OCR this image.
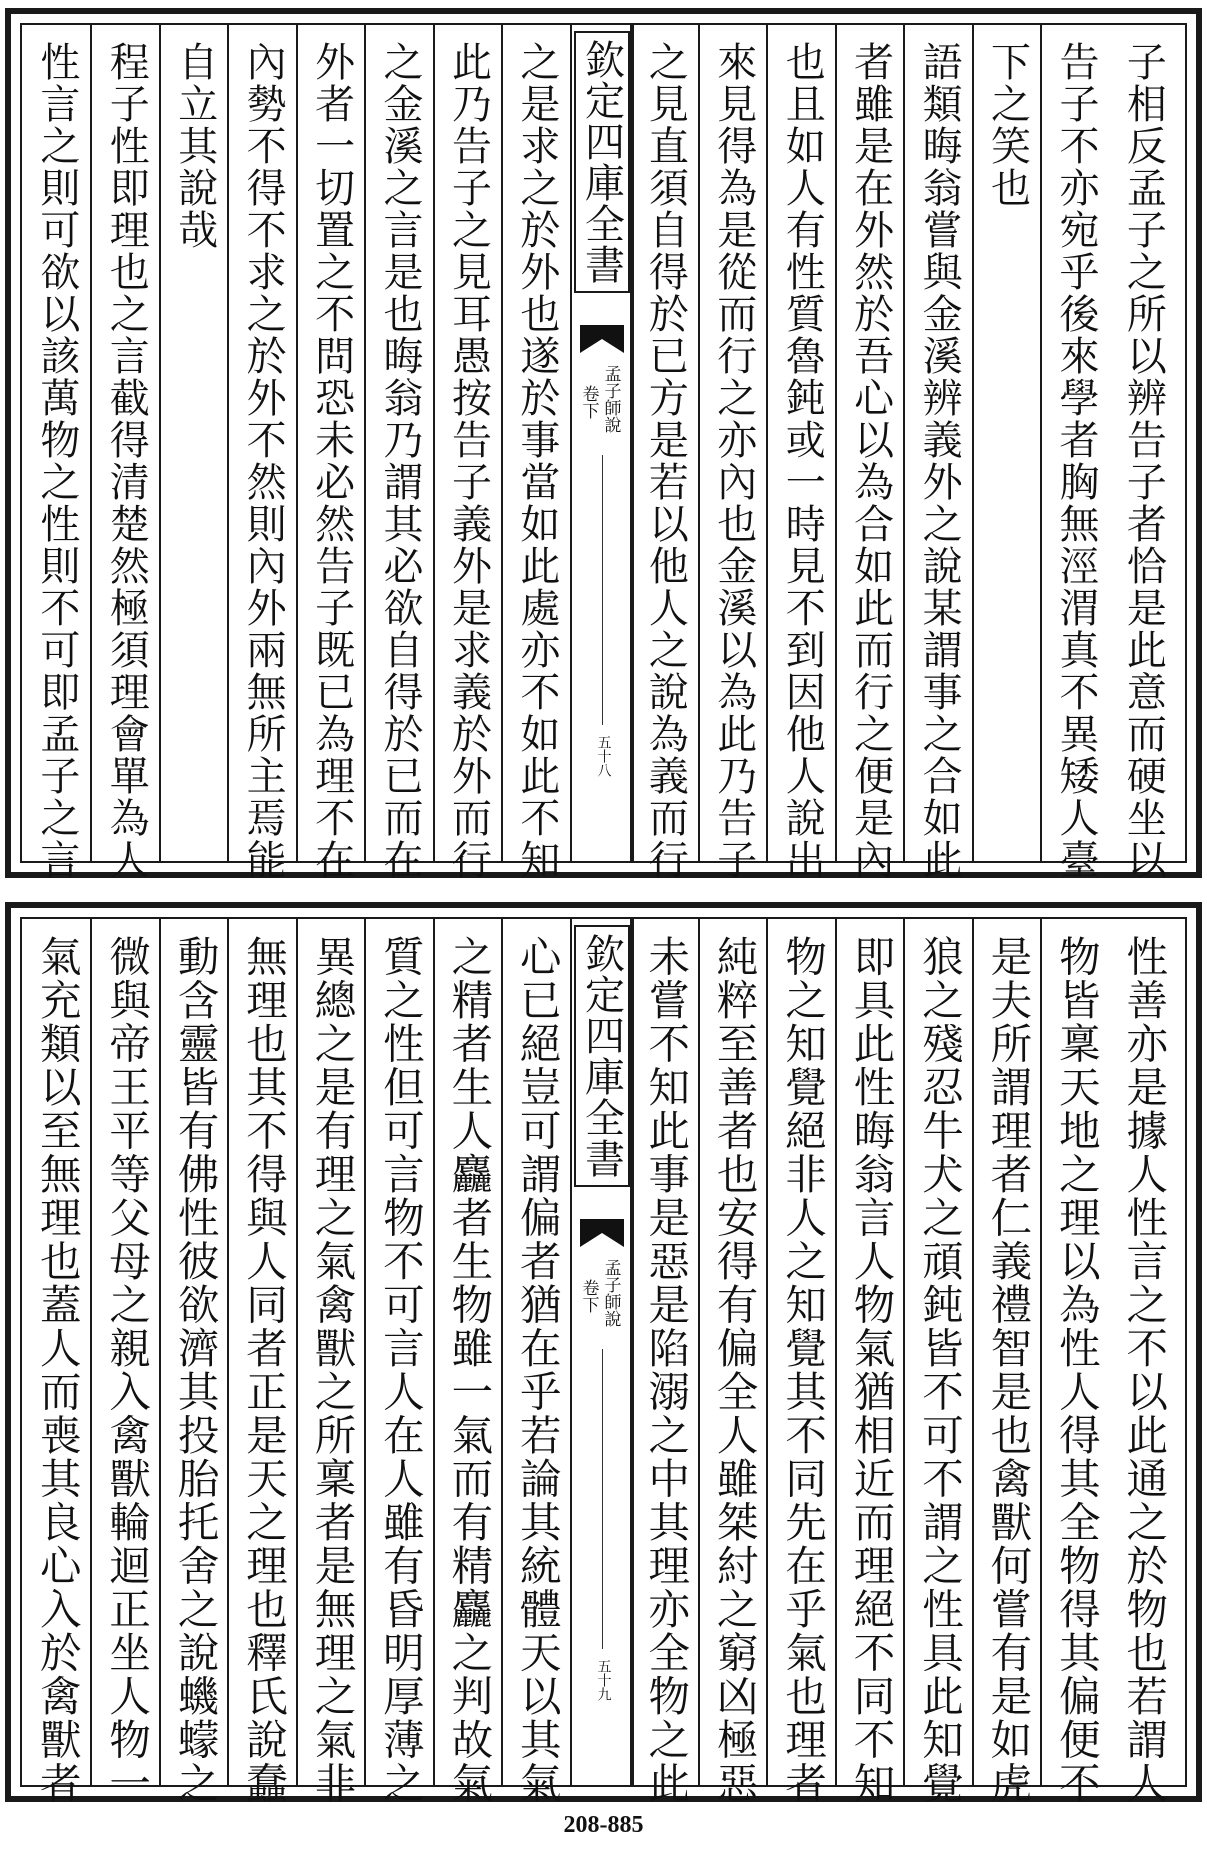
子相反孟子之所以辨告子者恰是此意而硬坐以
告子不亦宛乎後來學者胸無涇渭真不異矮人臺
下之笑也
語類晦翁嘗與金溪辨義外之說某謂事之合如此
者雖是在外然於吾心以為合如此而行之便是內
也且如人有性質魯鈍或一時見不到因他人說出
來見得為是從而行之亦內也金溪以為此乃告子
之見直須自得於已方是若以他人之說為義而行
欽定四庫全書
孟子師說
卷下
五十八
之是求之於外也遂於事當如此處亦不如此不知
此乃告子之見耳愚按告子義外是求義於外而行
之金溪之言是也晦翁乃謂其必欲自得於已而在
外者一切置之不問恐未必然告子既已為理不在
內勢不得不求之於外不然則內外兩無所主焉能
自立其說哉
程子性即理也之言截得清楚然極須理會單為人
性言之則可欲以該萬物之性則不可即孟子之言
性善亦是據人性言之不以此通之於物也若謂人
物皆稟天地之理以為性人得其全物得其偏便不
是夫所謂理者仁義禮智是也禽獸何嘗有是如虎
狼之殘忍牛犬之頑鈍皆不可不謂之性具此知覺
即具此性晦翁言人物氣猶相近而理絕不同不知
物之知覺絕非人之知覺其不同先在乎氣也理者
純粹至善者也安得有偏全人雖桀紂之窮凶極惡
未嘗不知此事是惡是陷溺之中其理亦全物之此
欽定四庫全書
孟子師說
卷下
五十九
心已絕豈可謂偏者猶在乎若論其統體天以其氣
之精者生人麤者生物雖一氣而有精麤之判故氣
質之性但可言物不可言人在人雖有昏明厚薄之
異總之是有理之氣禽獸之所稟者是無理之氣非
無理也其不得與人同者正是天之理也釋氏說蠢
動含靈皆有佛性彼欲濟其投胎托舍之說蟣蠓之
微與帝王平等父母之親入禽獸輪迴正坐人物一
氣充類以至無理也蓋人而喪其良心入於禽獸者
208-885
